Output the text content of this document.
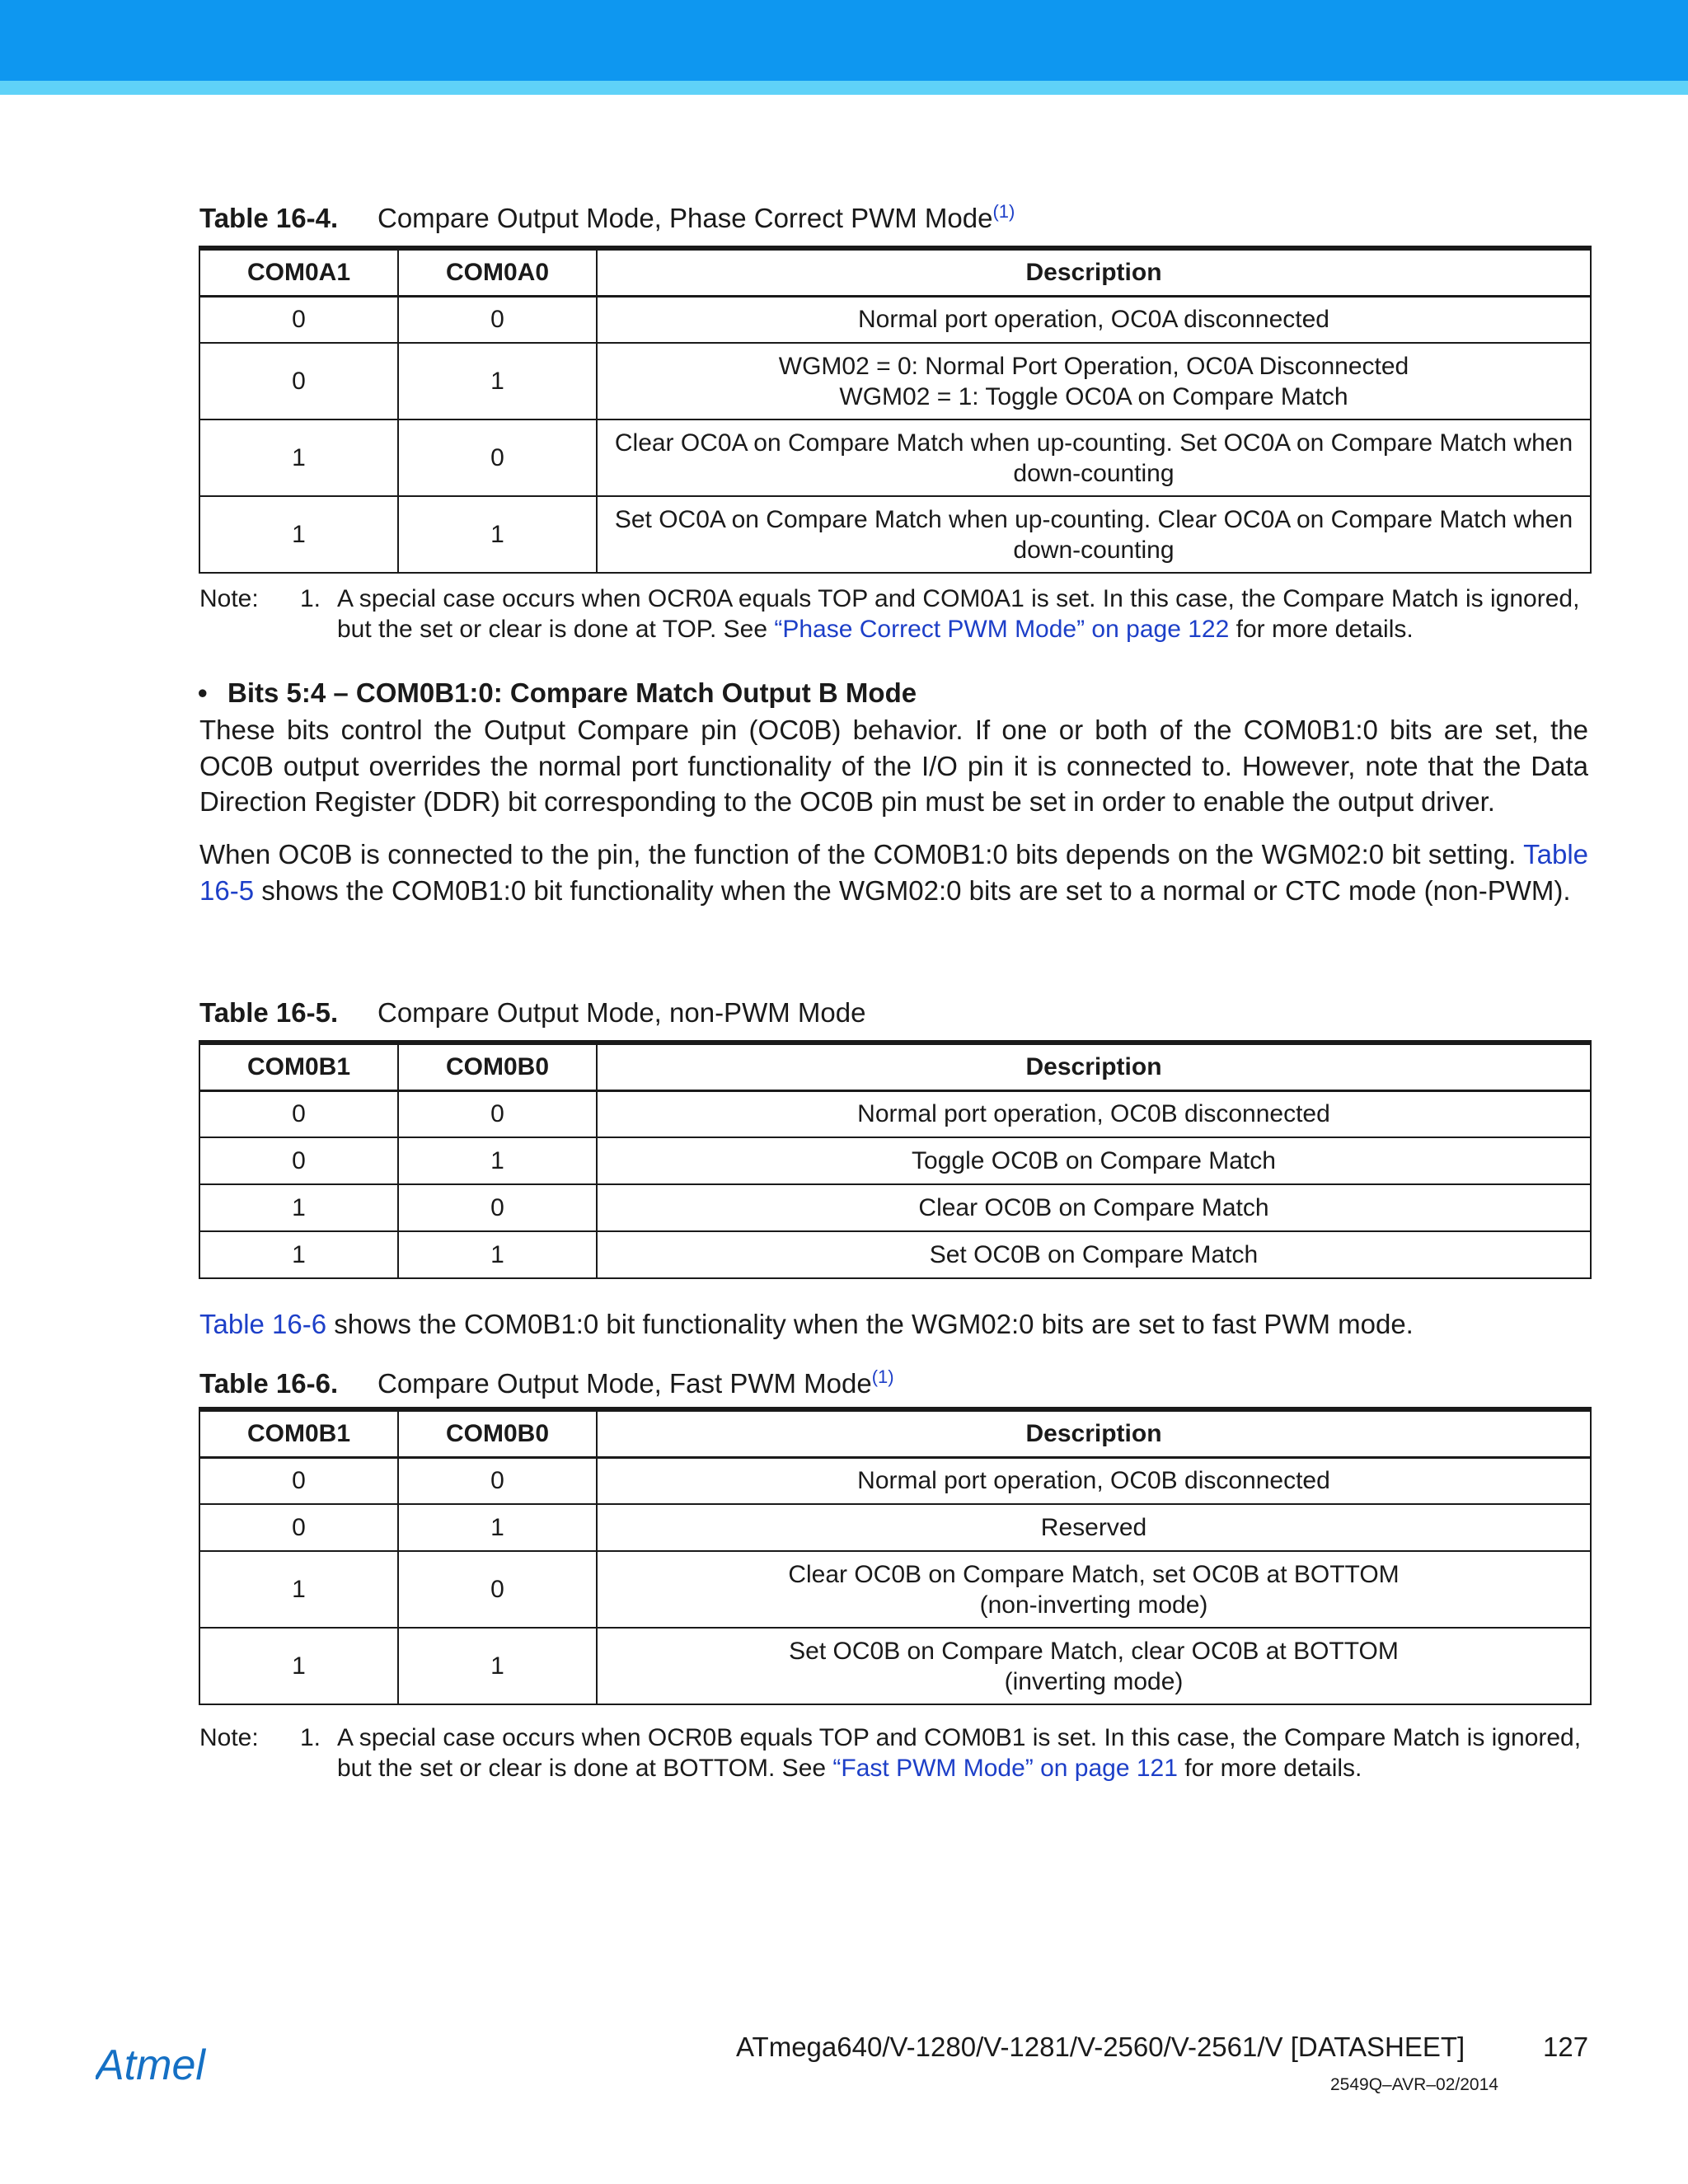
Table 16-4. Compare Output Mode, Phase Correct PWM Mode$^{(1)}$
COM0A1	COM0A0	Description
0	0	Normal port operation, OC0A disconnected

0	1	WGM02 = 0: Normal Port Operation, OC0A Disconnected
WGM02 = 1: Toggle OC0A on Compare Match

1	0	Clear OC0A on Compare Match when up-counting. Set OC0A on Compare Match when
down-counting

1	1	Set OC0A on Compare Match when up-counting. Clear OC0A on Compare Match when
down-counting
Note: 1. A special case occurs when OCR0A equals TOP and COM0A1 is set. In this case, the Compare Match is ignored,
but the set or clear is done at TOP. See “Phase Correct PWM Mode” on page 122 for more details.
• Bits 5:4 – COM0B1:0: Compare Match Output B Mode
These bits control the Output Compare pin (OC0B) behavior. If one or both of the COM0B1:0 bits are set, the OC0B output overrides the normal port functionality of the I/O pin it is connected to. However, note that the Data Direction Register (DDR) bit corresponding to the OC0B pin must be set in order to enable the output driver.
When OC0B is connected to the pin, the function of the COM0B1:0 bits depends on the WGM02:0 bit setting. Table 16-5 shows the COM0B1:0 bit functionality when the WGM02:0 bits are set to a normal or CTC mode (non-PWM).
Table 16-5. Compare Output Mode, non-PWM Mode
COM0B1	COM0B0	Description
0	0	Normal port operation, OC0B disconnected
0	1	Toggle OC0B on Compare Match
1	0	Clear OC0B on Compare Match
1	1	Set OC0B on Compare Match
Table 16-6 shows the COM0B1:0 bit functionality when the WGM02:0 bits are set to fast PWM mode.
Table 16-6. Compare Output Mode, Fast PWM Mode$^{(1)}$
COM0B1	COM0B0	Description
0	0	Normal port operation, OC0B disconnected
0	1	Reserved
1	0	Clear OC0B on Compare Match, set OC0B at BOTTOM
(non-inverting mode)

1	1	Set OC0B on Compare Match, clear OC0B at BOTTOM
(inverting mode)
Note: 1. A special case occurs when OCR0B equals TOP and COM0B1 is set. In this case, the Compare Match is ignored,
but the set or clear is done at BOTTOM. See “Fast PWM Mode” on page 121 for more details.
Atmel	ATmega640/V-1280/V-1281/V-2560/V-2561/V [DATASHEET]	127
2549Q–AVR–02/2014
